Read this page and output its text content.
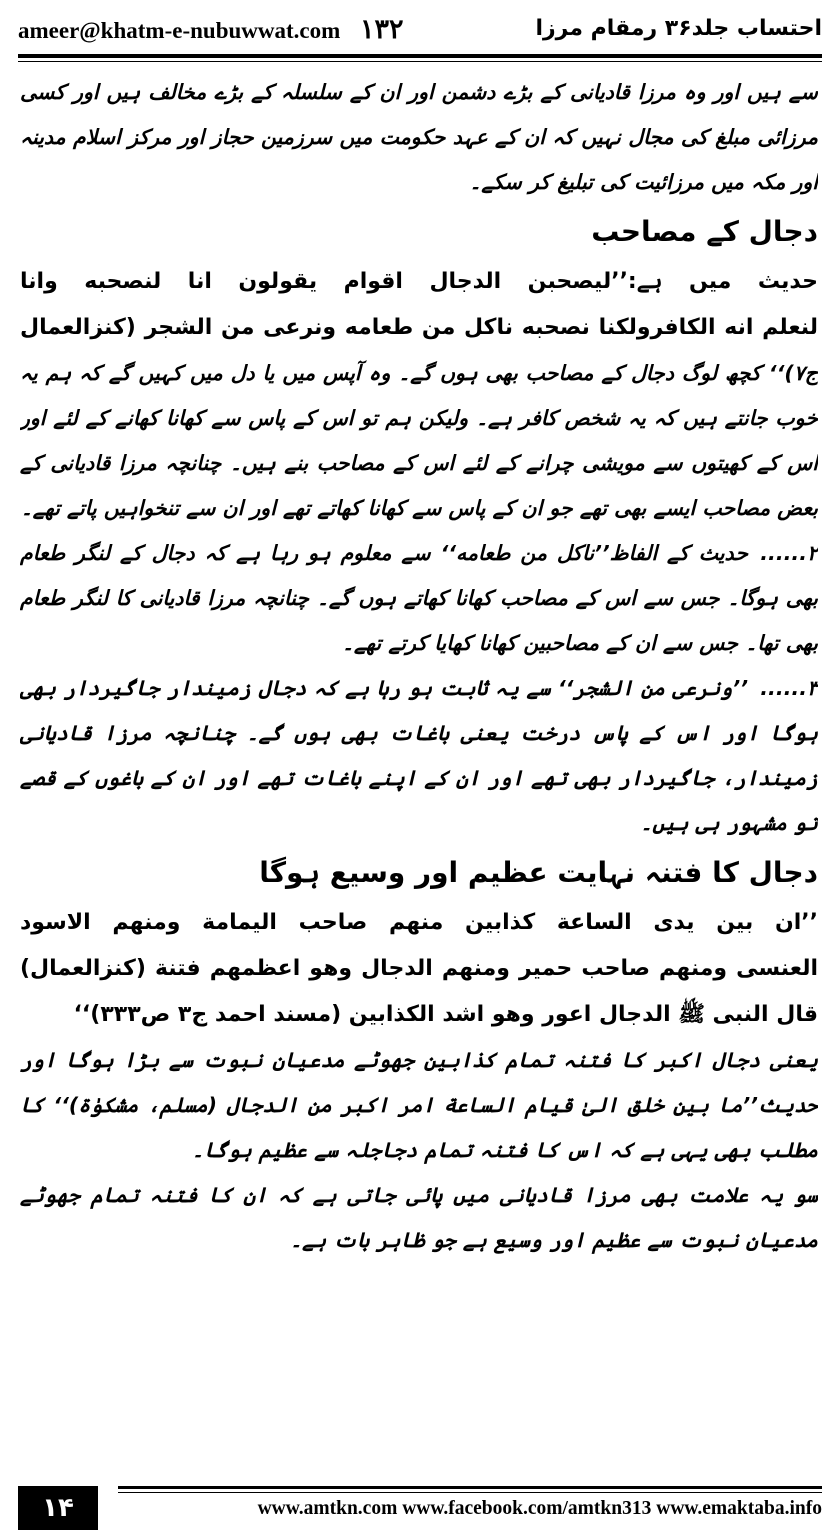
ameer@khatm-e-nubuwwat.com ۱۳۲	احتساب جلد۳۶ رمقام مرزا

سے ہیں اور وہ مرزا قادیانی کے بڑے دشمن اور ان کے سلسلہ کے بڑے مخالف ہیں اور کسی مرزائی مبلغ کی مجال نہیں کہ ان کے عہد حکومت میں سرزمین حجاز اور مرکز اسلام مدینہ اور مکہ میں مرزائیت کی تبلیغ کر سکے۔

دجال کے مصاحب

حدیث میں ہے:’’لیصحبن الدجال اقوام یقولون انا لنصحبه وانا

لنعلم انه الکافرولکنا نصحبه ناکل من طعامه ونرعی من الشجر (کنزالعمال

ج۷)‘‘ کچھ لوگ دجال کے مصاحب بھی ہوں گے۔ وہ آپس میں یا دل میں کہیں گے کہ ہم یہ خوب جانتے ہیں کہ یہ شخص کافر ہے۔ ولیکن ہم تو اس کے پاس سے کھانا کھانے کے لئے اور اس کے کھیتوں سے مویشی چرانے کے لئے اس کے مصاحب بنے ہیں۔ چنانچہ مرزا قادیانی کے بعض مصاحب ایسے بھی تھے جو ان کے پاس سے کھانا کھاتے تھے اور ان سے تنخواہیں پاتے تھے۔

۲......حدیث کے الفاظ’’ناکل من طعامه‘‘ سے معلوم ہو رہا ہے کہ دجال کے لنگر طعام بھی ہوگا۔ جس سے اس کے مصاحب کھانا کھاتے ہوں گے۔ چنانچہ مرزا قادیانی کا لنگر طعام بھی تھا۔ جس سے ان کے مصاحبین کھانا کھایا کرتے تھے۔

۳......’’ونرعی من الشجر‘‘ سے یہ ثابت ہو رہا ہے کہ دجال زمیندار جاگیردار بھی ہوگا اور اس کے پاس درخت یعنی باغات بھی ہوں گے۔ چنانچہ مرزا قادیانی زمیندار، جاگیردار بھی تھے اور ان کے اپنے باغات تھے اور ان کے باغوں کے قصے تو مشہور ہی ہیں۔

دجال کا فتنہ نہایت عظیم اور وسیع ہوگا

’’ان بین یدی الساعة کذابین منهم صاحب الیمامة ومنهم الاسود

العنسی ومنهم صاحب حمیر ومنهم الدجال وهو اعظمهم فتنة (کنزالعمال)

قال النبی ﷺ الدجال اعور وهو اشد الکذابین (مسند احمد ج۳ ص۳۳۳)‘‘

یعنی دجال اکبر کا فتنہ تمام کذابین جھوٹے مدعیان نبوت سے بڑا ہوگا اور حدیث’’ما بین خلق الیٰ قیام الساعة امر اکبر من الدجال (مسلم، مشکوٰة)‘‘ کا مطلب بھی یہی ہے کہ اس کا فتنہ تمام دجاجلہ سے عظیم ہوگا۔

سو یہ علامت بھی مرزا قادیانی میں پائی جاتی ہے کہ ان کا فتنہ تمام جھوٹے مدعیان نبوت سے عظیم اور وسیع ہے جو ظاہر بات ہے۔

۱۴	www.amtkn.com www.facebook.com/amtkn313 www.emaktaba.info
